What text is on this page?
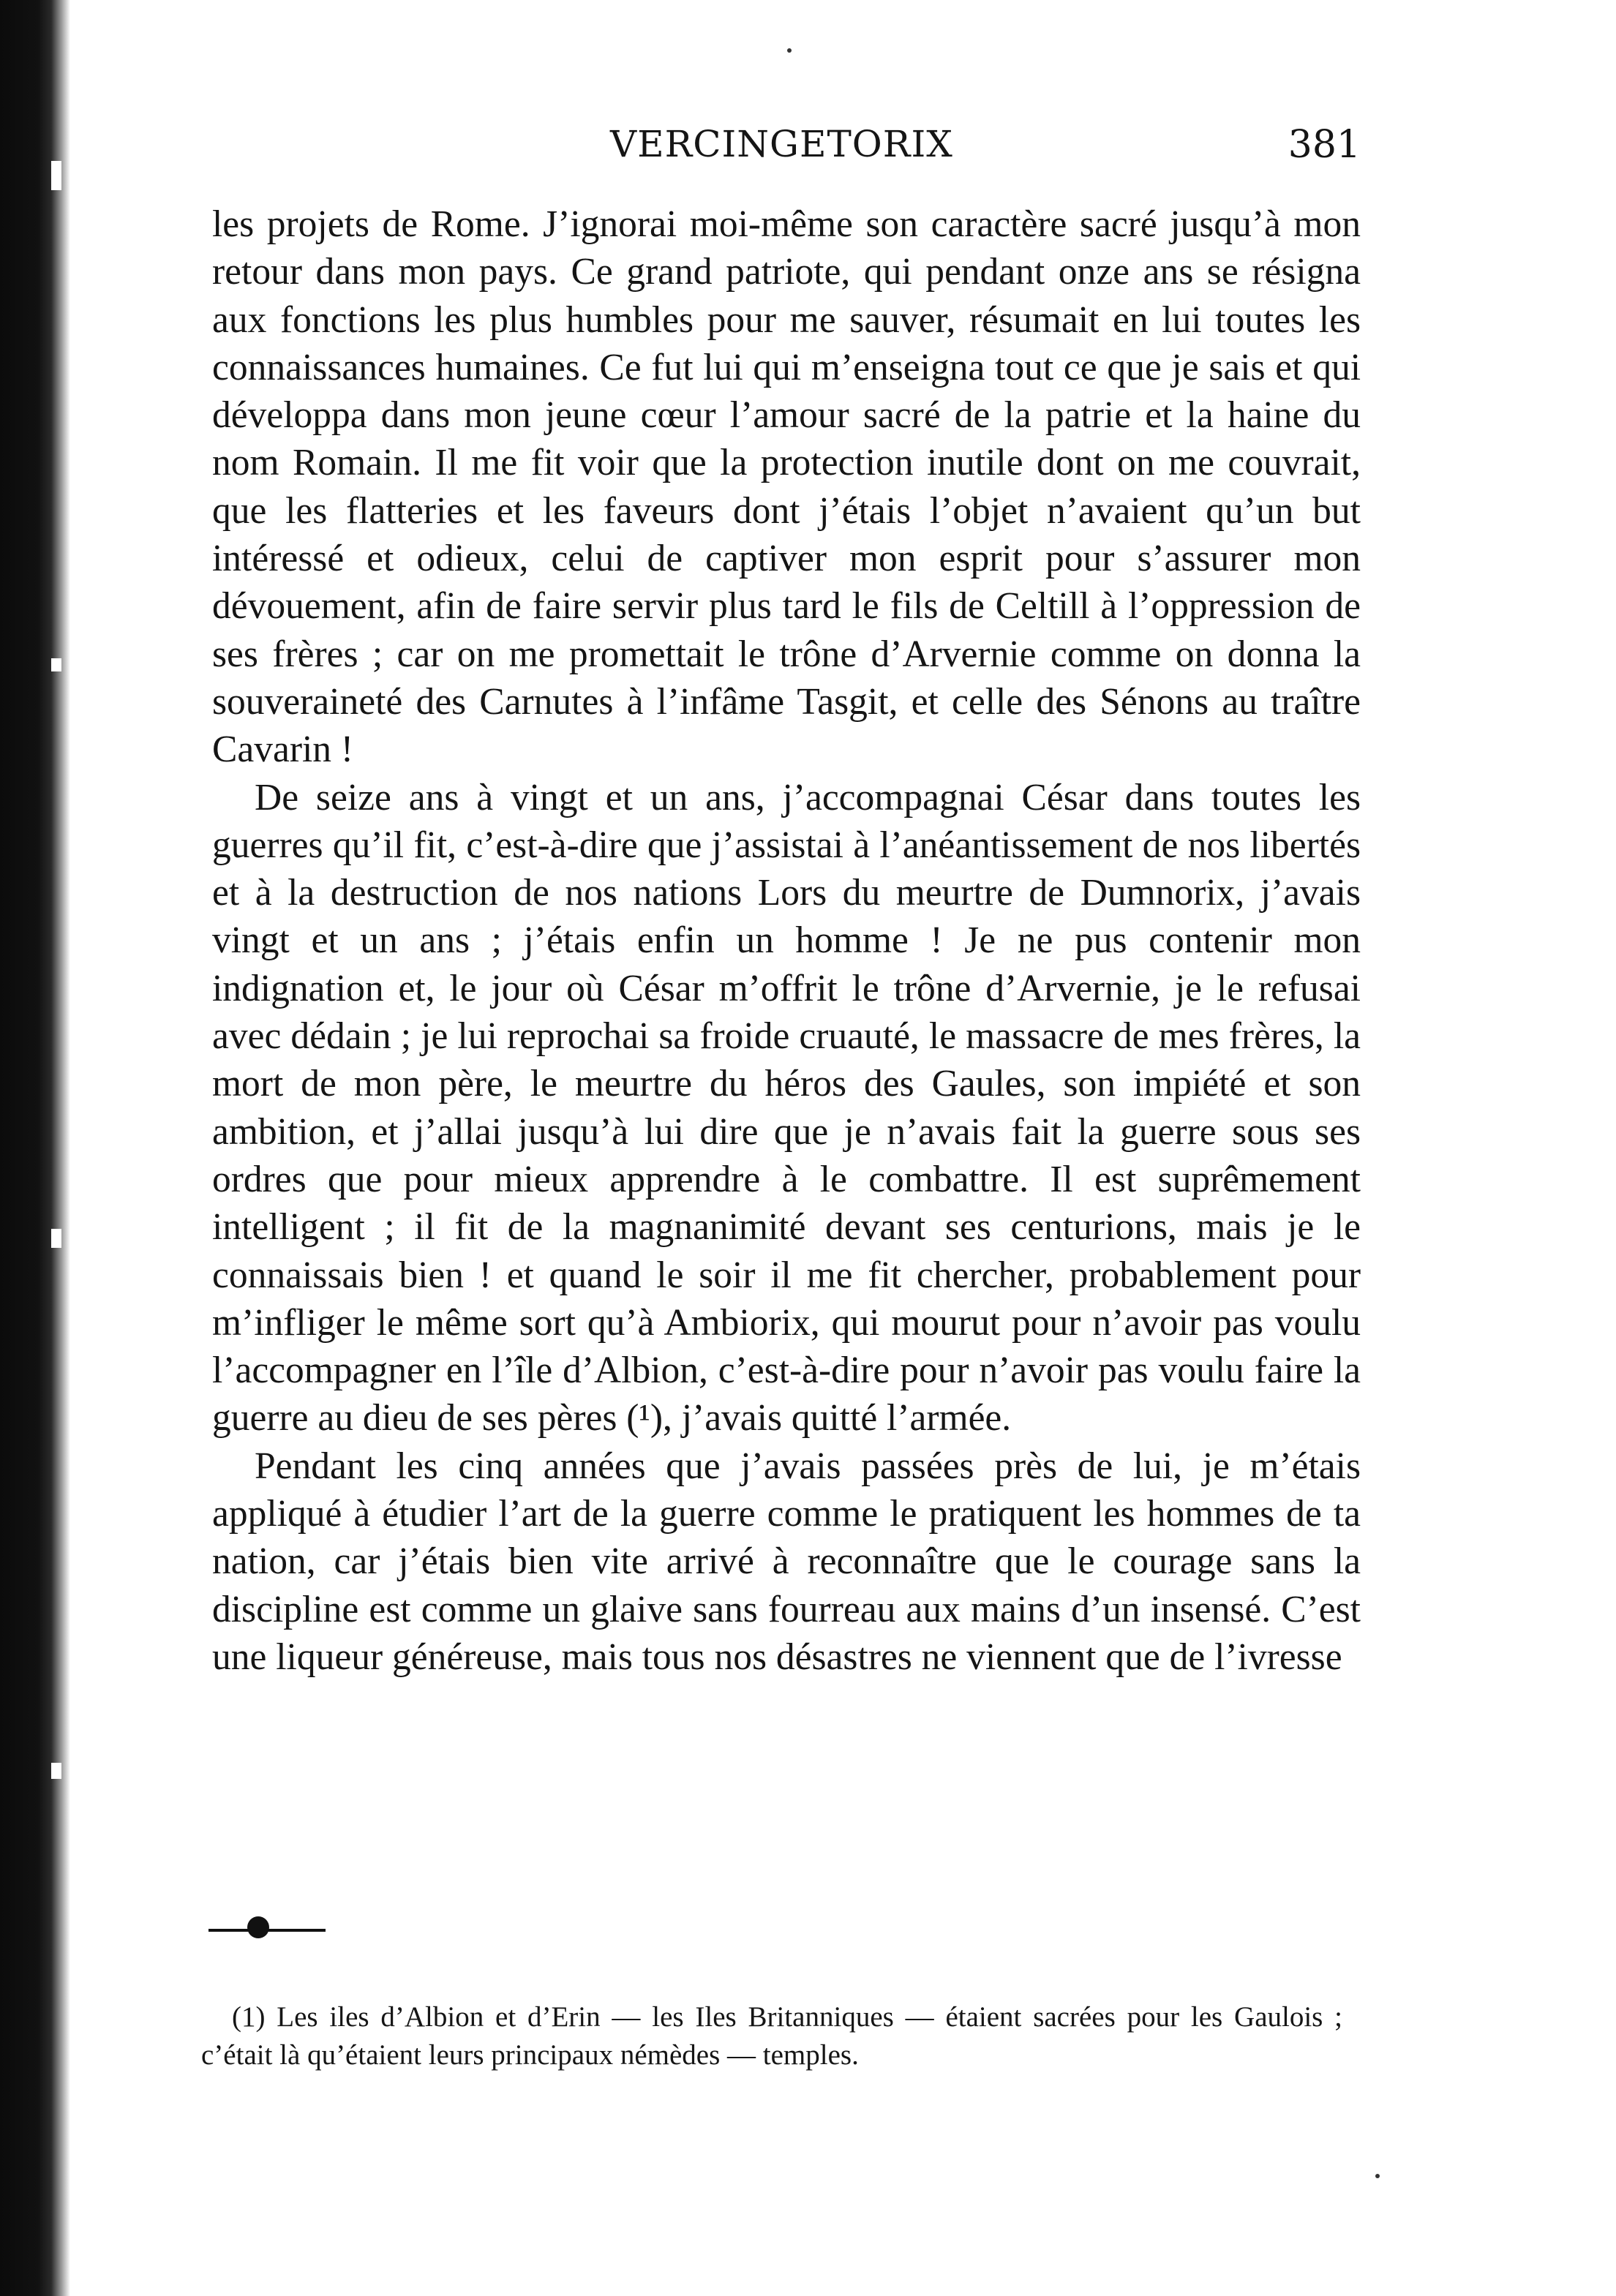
VERCINGETORIX	381

les projets de Rome. J’ignorai moi-même son caractère sacré jusqu’à mon retour dans mon pays. Ce grand patriote, qui pendant onze ans se résigna aux fonctions les plus humbles pour me sauver, résumait en lui toutes les connaissances humaines. Ce fut lui qui m’enseigna tout ce que je sais et qui développa dans mon jeune cœur l’amour sacré de la patrie et la haine du nom Romain. Il me fit voir que la protection inutile dont on me couvrait, que les flatteries et les faveurs dont j’étais l’objet n’avaient qu’un but intéressé et odieux, celui de captiver mon esprit pour s’assurer mon dévouement, afin de faire servir plus tard le fils de Celtill à l’oppression de ses frères ; car on me promettait le trône d’Arvernie comme on donna la souveraineté des Carnutes à l’infâme Tasgit, et celle des Sénons au traître Cavarin !

De seize ans à vingt et un ans, j’accompagnai César dans toutes les guerres qu’il fit, c’est-à-dire que j’assistai à l’anéantissement de nos libertés et à la destruction de nos nations Lors du meurtre de Dumnorix, j’avais vingt et un ans ; j’étais enfin un homme ! Je ne pus contenir mon indignation et, le jour où César m’offrit le trône d’Arvernie, je le refusai avec dédain ; je lui reprochai sa froide cruauté, le massacre de mes frères, la mort de mon père, le meurtre du héros des Gaules, son impiété et son ambition, et j’allai jusqu’à lui dire que je n’avais fait la guerre sous ses ordres que pour mieux apprendre à le combattre. Il est suprêmement intelligent ; il fit de la magnanimité devant ses centurions, mais je le connaissais bien ! et quand le soir il me fit chercher, probablement pour m’infliger le même sort qu’à Ambiorix, qui mourut pour n’avoir pas voulu l’accompagner en l’île d’Albion, c’est-à-dire pour n’avoir pas voulu faire la guerre au dieu de ses pères (¹), j’avais quitté l’armée.

Pendant les cinq années que j’avais passées près de lui, je m’étais appliqué à étudier l’art de la guerre comme le pratiquent les hommes de ta nation, car j’étais bien vite arrivé à reconnaître que le courage sans la discipline est comme un glaive sans fourreau aux mains d’un insensé. C’est une liqueur généreuse, mais tous nos désastres ne viennent que de l’ivresse

(1) Les iles d’Albion et d’Erin — les Iles Britanniques — étaient sacrées pour les Gaulois ; c’était là qu’étaient leurs principaux némèdes — temples.
